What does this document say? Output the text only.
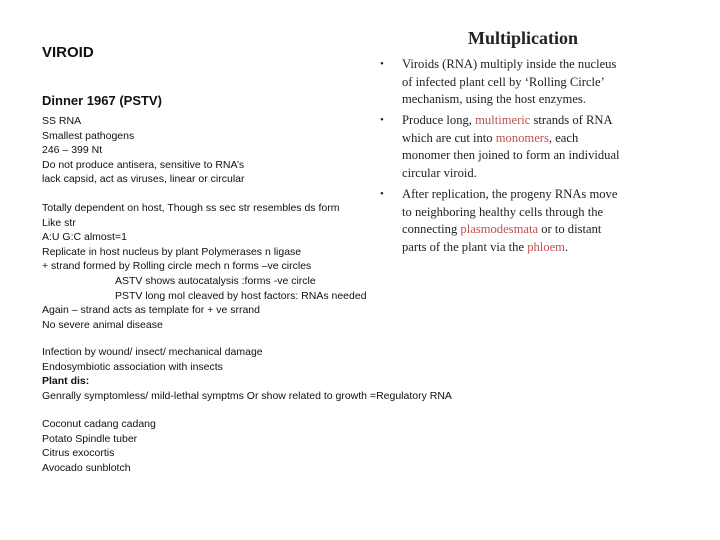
VIROID
Dinner 1967 (PSTV)
SS RNA
Smallest pathogens
246 – 399 Nt
Do not produce antisera, sensitive to RNA’s
lack capsid, act as viruses, linear or circular
Totally dependent on host, Though ss sec str resembles ds form
Like str
A:U G:C almost=1
Replicate in host nucleus by plant Polymerases n ligase
+ strand formed by Rolling circle mech n forms –ve circles
ASTV shows autocatalysis :forms -ve circle
PSTV long mol cleaved by host factors: RNAs needed
Again – strand acts as template for + ve srrand
No severe animal disease
Infection by wound/ insect/ mechanical damage
Endosymbiotic association with insects
Plant dis:
Genrally symptomless/ mild-lethal symptms Or show related to growth =Regulatory RNA
Coconut cadang cadang
Potato Spindle tuber
Citrus exocortis
Avocado sunblotch
Multiplication
• Viroids (RNA) multiply inside the nucleus
of infected plant cell by ‘Rolling Circle’
mechanism, using the host enzymes.
• Produce long, multimeric strands of RNA
which are cut into monomers, each
monomer then joined to form an individual
circular viroid.
• After replication, the progeny RNAs move
to neighboring healthy cells through the
connecting plasmodesmata or to distant
parts of the plant via the phloem.
